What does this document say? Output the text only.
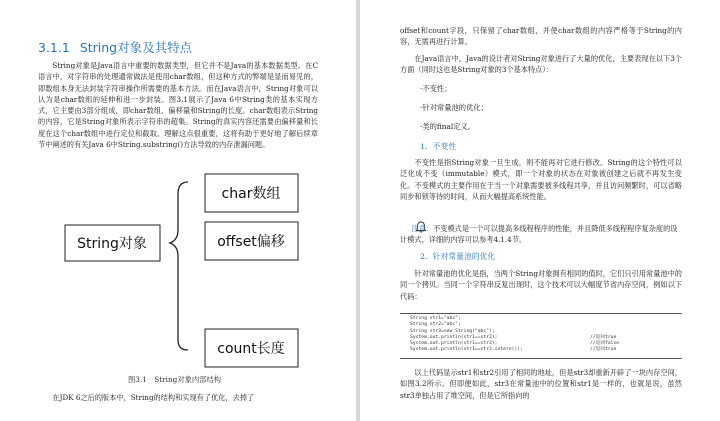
3.1.1 String对象及其特点

String对象是Java语言中重要的数据类型，但它并不是Java的基本数据类型。在C语言中，对字符串的处理通常做法是使用char数组，但这种方式的弊端是显而易见的，即数组本身无法封装字符串操作所需要的基本方法。而在Java语言中，String对象可以认为是char数组的延伸和进一步封装。图3.1展示了Java 6中String类的基本实现方式，它主要由3部分组成，即char数组、偏移量和String的长度。char数组表示String的内容，它是String对象所表示字符串的超集。String的真实内容还需要由偏移量和长度在这个char数组中进行定位和截取。理解这点很重要，这将有助于更好地了解后续章节中阐述的有关Java 6中String.substring()方法导致的内存泄漏问题。

String对象
char数组
offset偏移
count长度
图3.1　String对象内部结构

在JDK 6之后的版本中，String的结构和实现有了优化，去掉了

offset和count字段，只保留了char数组，并使char数组的内容严格等于String的内容，无需再进行计算。

在Java语言中，Java的设计者对String对象进行了大量的优化，主要表现在以下3个方面（同时这也是String对象的3个基本特点）：

·不变性；
·针对常量池的优化；
·类的final定义。
1．不变性

不变性是指String对象一旦生成，则不能再对它进行修改。String的这个特性可以泛化成不变（immutable）模式，即一个对象的状态在对象被创建之后就不再发生变化。不变模式的主要作用在于当一个对象需要被多线程共享，并且访问频繁时，可以省略同步和锁等待的时间，从而大幅提高系统性能。

注意：不变模式是一个可以提高多线程程序的性能，并且降低多线程程序复杂度的设计模式，详细的内容可以参考4.1.4节。

2．针对常量池的优化

针对常量池的优化是指，当两个String对象拥有相同的值时，它们只引用常量池中的同一个拷贝。当同一个字符串反复出现时，这个技术可以大幅度节省内存空间，例如以下代码：

String str1="abc";
String str2="abc";
String str3=new String("abc");
System.out.println(str1==str2);	//返回true
System.out.println(str1==str3);	//返回false
System.out.println(str1==str3.intern());	//返回true

以上代码显示str1和str2引用了相同的地址，但是str3却重新开辟了一块内存空间，如图3.2所示。但即便如此，str3在常量池中的位置和str1是一样的，也就是说，虽然str3单独占用了堆空间，但是它所指向的
